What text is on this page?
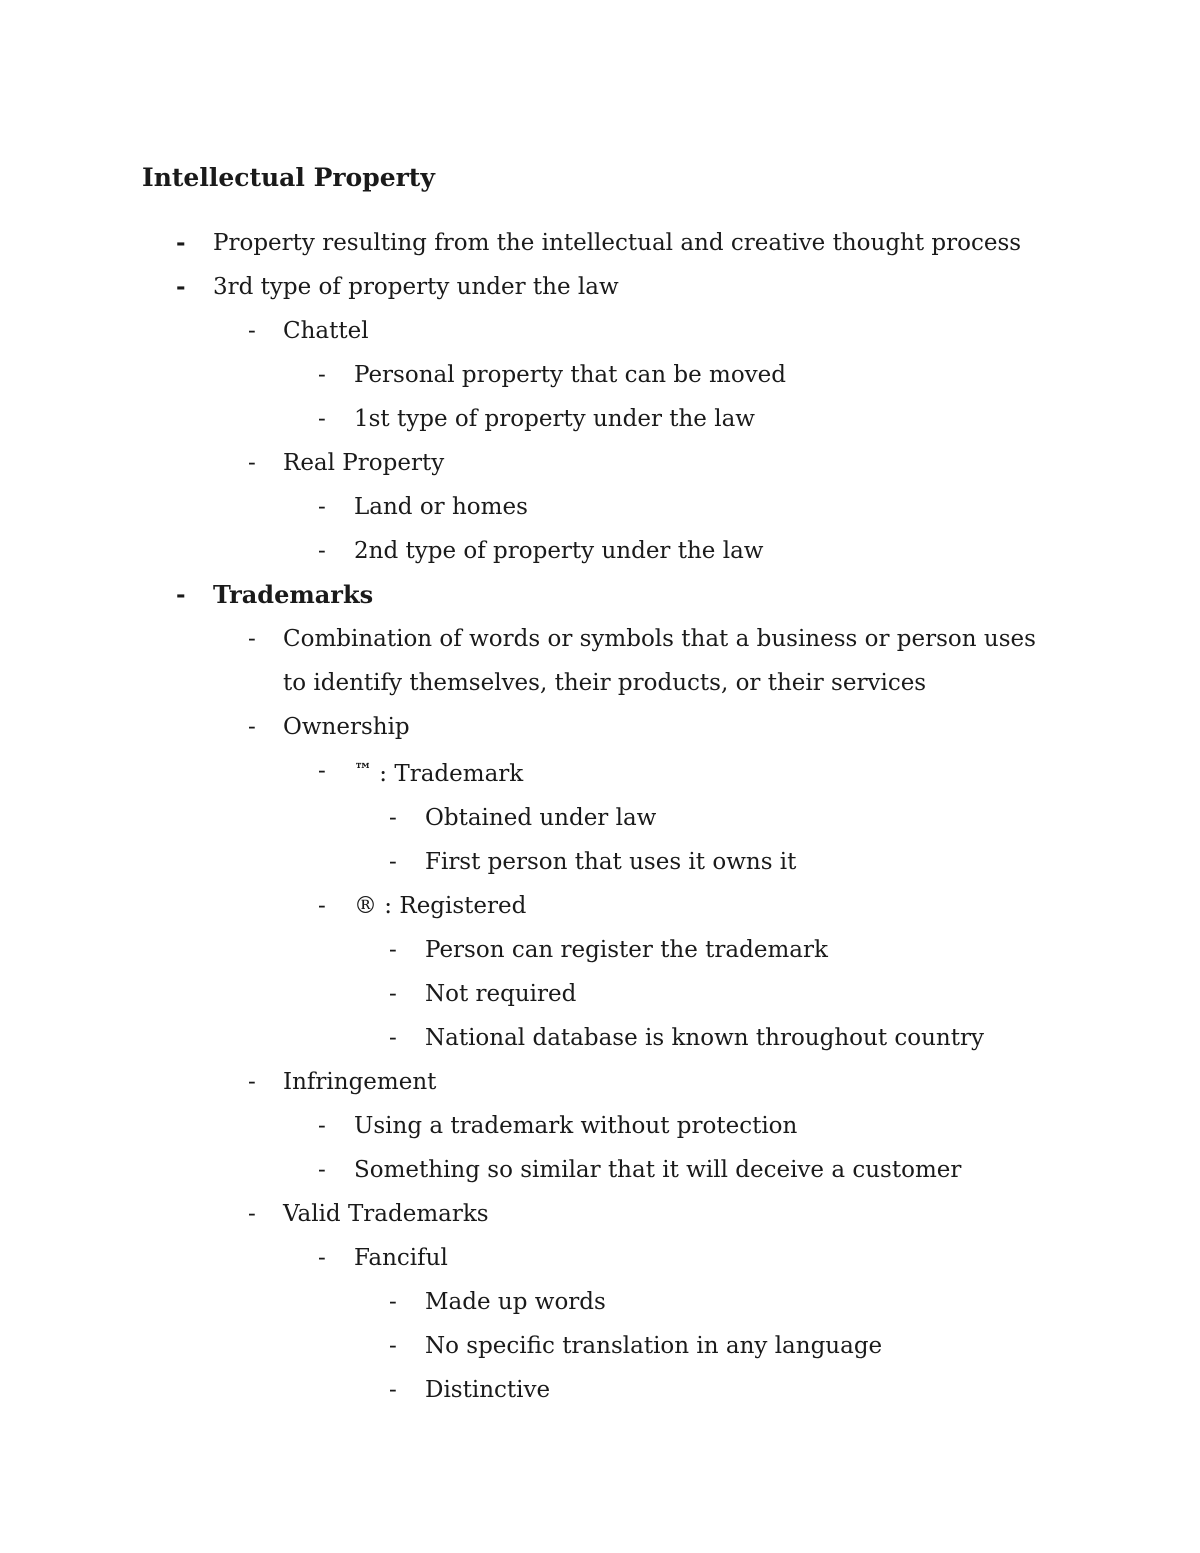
Intellectual Property
- Property resulting from the intellectual and creative thought process
- 3rd type of property under the law
- Chattel
- Personal property that can be moved
- 1st type of property under the law
- Real Property
- Land or homes
- 2nd type of property under the law
- Trademarks
- Combination of words or symbols that a business or person uses to identify themselves, their products, or their services
- Ownership
- ™ : Trademark
- Obtained under law
- First person that uses it owns it
- ® : Registered
- Person can register the trademark
- Not required
- National database is known throughout country
- Infringement
- Using a trademark without protection
- Something so similar that it will deceive a customer
- Valid Trademarks
- Fanciful
- Made up words
- No specific translation in any language
- Distinctive
